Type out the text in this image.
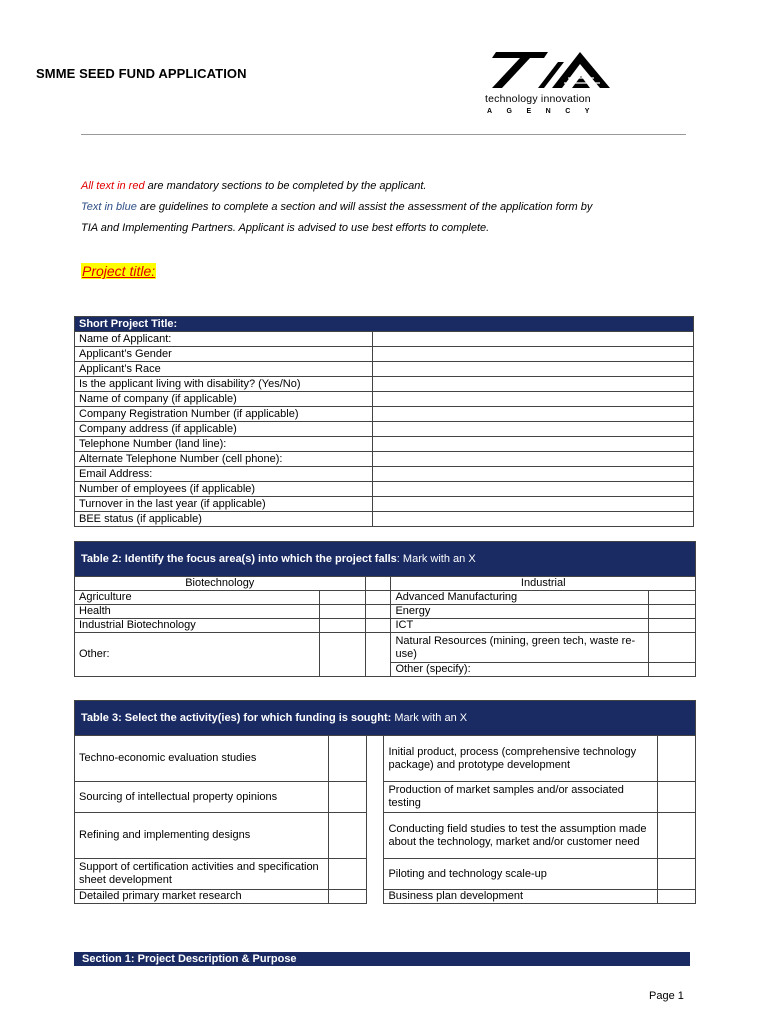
SMME SEED FUND APPLICATION
technology innovation
AGENCY
All text in red are mandatory sections to be completed by the applicant.
Text in blue are guidelines to complete a section and will assist the assessment of the application form by
TIA and Implementing Partners. Applicant is advised to use best efforts to complete.
Project title:
Short Project Title:	
Name of Applicant:	
Applicant’s Gender	
Applicant’s Race	
Is the applicant living with disability? (Yes/No)	
Name of company (if applicable)	
Company Registration Number (if applicable)	
Company address (if applicable)	
Telephone Number (land line):	
Alternate Telephone Number (cell phone):	
Email Address:	
Number of employees (if applicable)	
Turnover in the last year (if applicable)	
BEE status (if applicable)	
Table 2: Identify the focus area(s) into which the project falls: Mark with an X				
Biotechnology			Industrial	
Agriculture			Advanced Manufacturing	
Health			Energy	
Industrial Biotechnology			ICT	
Other:			Natural Resources (mining, green tech, waste re-use)	
			Other (specify):	
Table 3: Select the activity(ies) for which funding is sought: Mark with an X				
Techno-economic evaluation studies			Initial product, process (comprehensive technology package) and prototype development	
Sourcing of intellectual property opinions			Production of market samples and/or associated testing	
Refining and implementing designs			Conducting field studies to test the assumption made about the technology, market and/or customer need	
Support of certification activities and specification sheet development			Piloting and technology scale-up	
Detailed primary market research			Business plan development	
Section 1: Project Description & Purpose
Page 1
